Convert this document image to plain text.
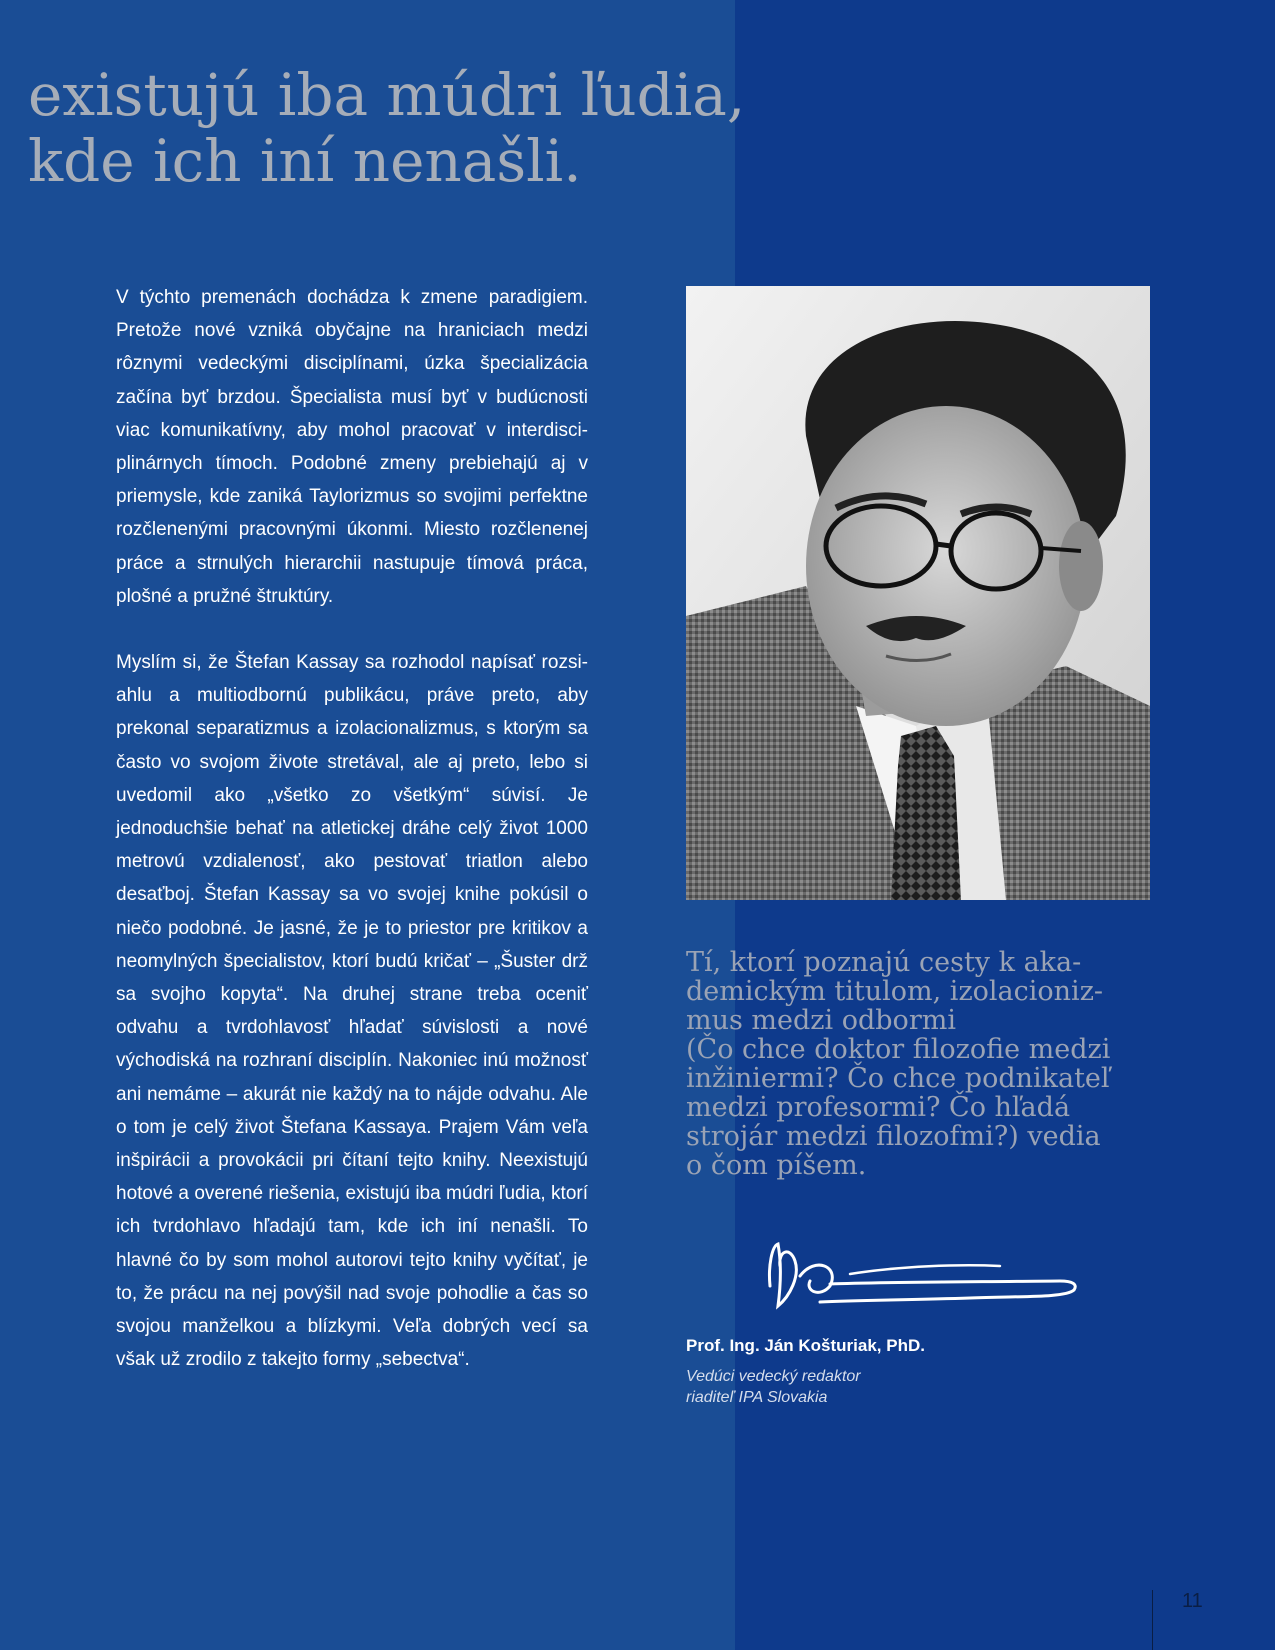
existujú iba múdri ľudia,
kde ich iní nenašli.

V týchto premenách dochádza k zmene paradigiem. Pretože nové vzniká obyčajne na hraniciach medzi rôznymi vedeckými disciplínami, úzka špecializácia začína byť brzdou. Špecialista musí byť v budúcnosti viac komunikatívny, aby mohol pracovať v interdisciplinárnych tímoch. Podobné zmeny prebiehajú aj v priemysle, kde zaniká Taylorizmus so svojimi perfektne rozčlenenými pracovnými úkonmi. Miesto rozčlenenej práce a strnulých hierarchii nastupuje tímová práca, plošné a pružné štruktúry.

Myslím si, že Štefan Kassay sa rozhodol napísať rozsiahlu a multiodbornú publikácu, práve preto, aby prekonal separatizmus a izolacionalizmus, s ktorým sa často vo svojom živote stretával, ale aj preto, lebo si uvedomil ako „všetko zo všetkým“ súvisí. Je jednoduchšie behať na atletickej dráhe celý život 1000 metrovú vzdialenosť, ako pestovať triatlon alebo desaťboj. Štefan Kassay sa vo svojej knihe pokúsil o niečo podobné. Je jasné, že je to priestor pre kritikov a neomylných špecialistov, ktorí budú kričať – „Šuster drž sa svojho kopyta“. Na druhej strane treba oceniť odvahu a tvrdohlavosť hľadať súvislosti a nové východiská na rozhraní disciplín. Nakoniec inú možnosť ani nemáme – akurát nie každý na to nájde odvahu. Ale o tom je celý život Štefana Kassaya. Prajem Vám veľa inšpirácii a provokácii pri čítaní tejto knihy. Neexistujú hotové a overené riešenia, existujú iba múdri ľudia, ktorí ich tvrdohlavo hľadajú tam, kde ich iní nenašli. To hlavné čo by som mohol autorovi tejto knihy vyčítať, je to, že prácu na nej povýšil nad svoje pohodlie a čas so svojou manželkou a blízkymi. Veľa dobrých vecí sa však už zrodilo z takejto formy „sebectva“.

Tí, ktorí poznajú cesty k aka-
demickým titulom, izolacioniz-
mus medzi odbormi
(Čo chce doktor filozofie medzi
inžiniermi? Čo chce podnikateľ
medzi profesormi? Čo hľadá
strojár medzi filozofmi?) vedia
o čom píšem.

Prof. Ing. Ján Košturiak, PhD.
Vedúci vedecký redaktor
riaditeľ IPA Slovakia
11
